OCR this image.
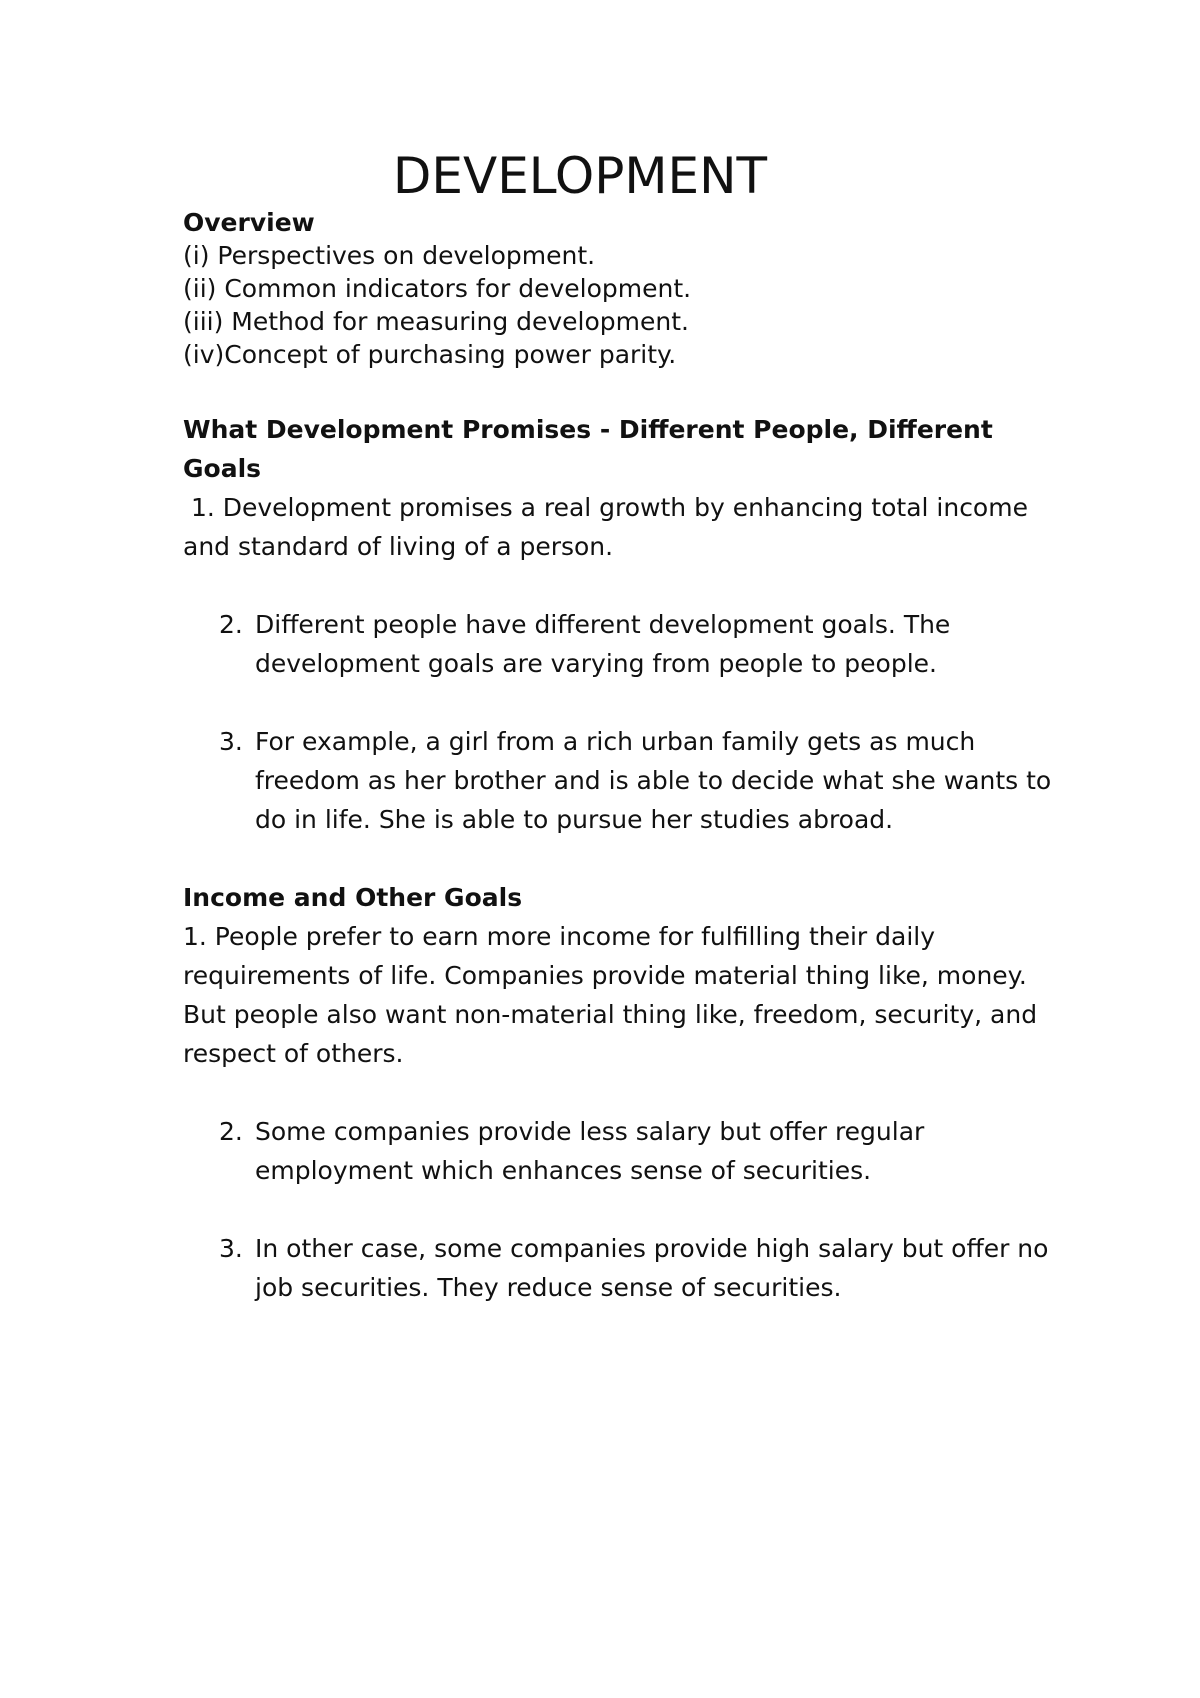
DEVELOPMENT

Overview

(i) Perspectives on development.

(ii) Common indicators for development.

(iii) Method for measuring development.

(iv)Concept of purchasing power parity.

What Development Promises - Different People, Different Goals

1. Development promises a real growth by enhancing total income and standard of living of a person.

2. Different people have different development goals. The development goals are varying from people to people.
3. For example, a girl from a rich urban family gets as much freedom as her brother and is able to decide what she wants to do in life. She is able to pursue her studies abroad.

Income and Other Goals

1. People prefer to earn more income for fulfilling their daily requirements of life. Companies provide material thing like, money. But people also want non-material thing like, freedom, security, and respect of others.

2. Some companies provide less salary but offer regular employment which enhances sense of securities.
3. In other case, some companies provide high salary but offer no job securities. They reduce sense of securities.
